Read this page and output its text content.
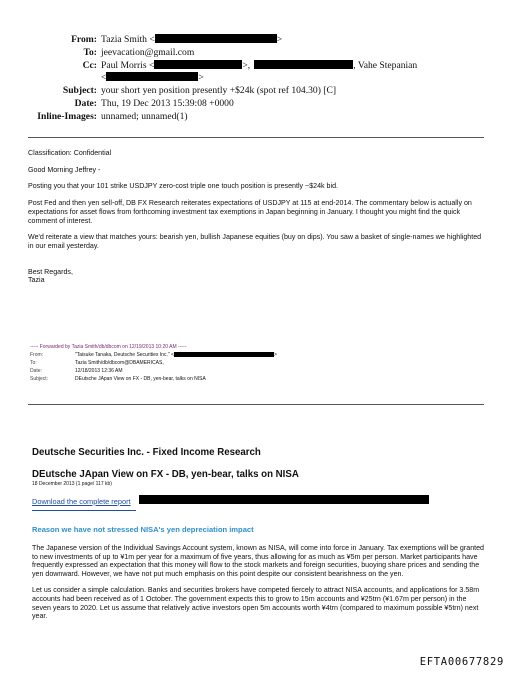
From: Tazia Smith <	>
To: jeevacation@gmail.com
Cc: Paul Morris <	>,	, Vahe Stepanian
<	>
Subject: your short yen position presently +$24k (spot ref 104.30) [C]
Date: Thu, 19 Dec 2013 15:39:08 +0000
Inline-Images: unnamed; unnamed(1)

Classification: Confidential

Good Morning Jeffrey -

Posting you that your 101 strike USDJPY zero-cost triple one touch position is presently ~$24k bid.

Post Fed and then yen sell-off, DB FX Research reiterates expectations of USDJPY at 115 at end-2014. The commentary below is actually on expectations for asset flows from forthcoming investment tax exemptions in Japan beginning in January. I thought you might find the quick comment of interest.

We'd reiterate a view that matches yours: bearish yen, bullish Japanese equities (buy on dips). You saw a basket of single-names we highlighted in our email yesterday.

Best Regards,

Tazia

----- Forwarded by Tazia Smith/db/dbcom on 12/19/2013 10:20 AM -----
From:	"Taisuke Tanaka, Deutsche Securities Inc." <	>
To:	Tazia Smith/db/dbcom@DBAMERICAS,
Date:	12/18/2013 12:36 AM
Subject:	DEutsche JApan View on FX - DB, yen-bear, talks on NISA
Deutsche Securities Inc. - Fixed Income Research
DEutsche JApan View on FX - DB, yen-bear, talks on NISA
18 December 2013 (1 page/ 117 kb)
Download the complete report
Reason we have not stressed NISA's yen depreciation impact

The Japanese version of the Individual Savings Account system, known as NISA, will come into force in January. Tax exemptions will be granted to new investments of up to ¥1m per year for a maximum of five years, thus allowing for as much as ¥5m per person. Market participants have frequently expressed an expectation that this money will flow to the stock markets and foreign securities, buoying share prices and sending the yen downward. However, we have not put much emphasis on this point despite our consistent bearishness on the yen.

Let us consider a simple calculation. Banks and securities brokers have competed fiercely to attract NISA accounts, and applications for 3.58m accounts had been received as of 1 October. The government expects this to grow to 15m accounts and ¥25trn (¥1.67m per person) in the seven years to 2020. Let us assume that relatively active investors open 5m accounts worth ¥4trn (compared to maximum possible ¥5trn) next year.

EFTA00677829
